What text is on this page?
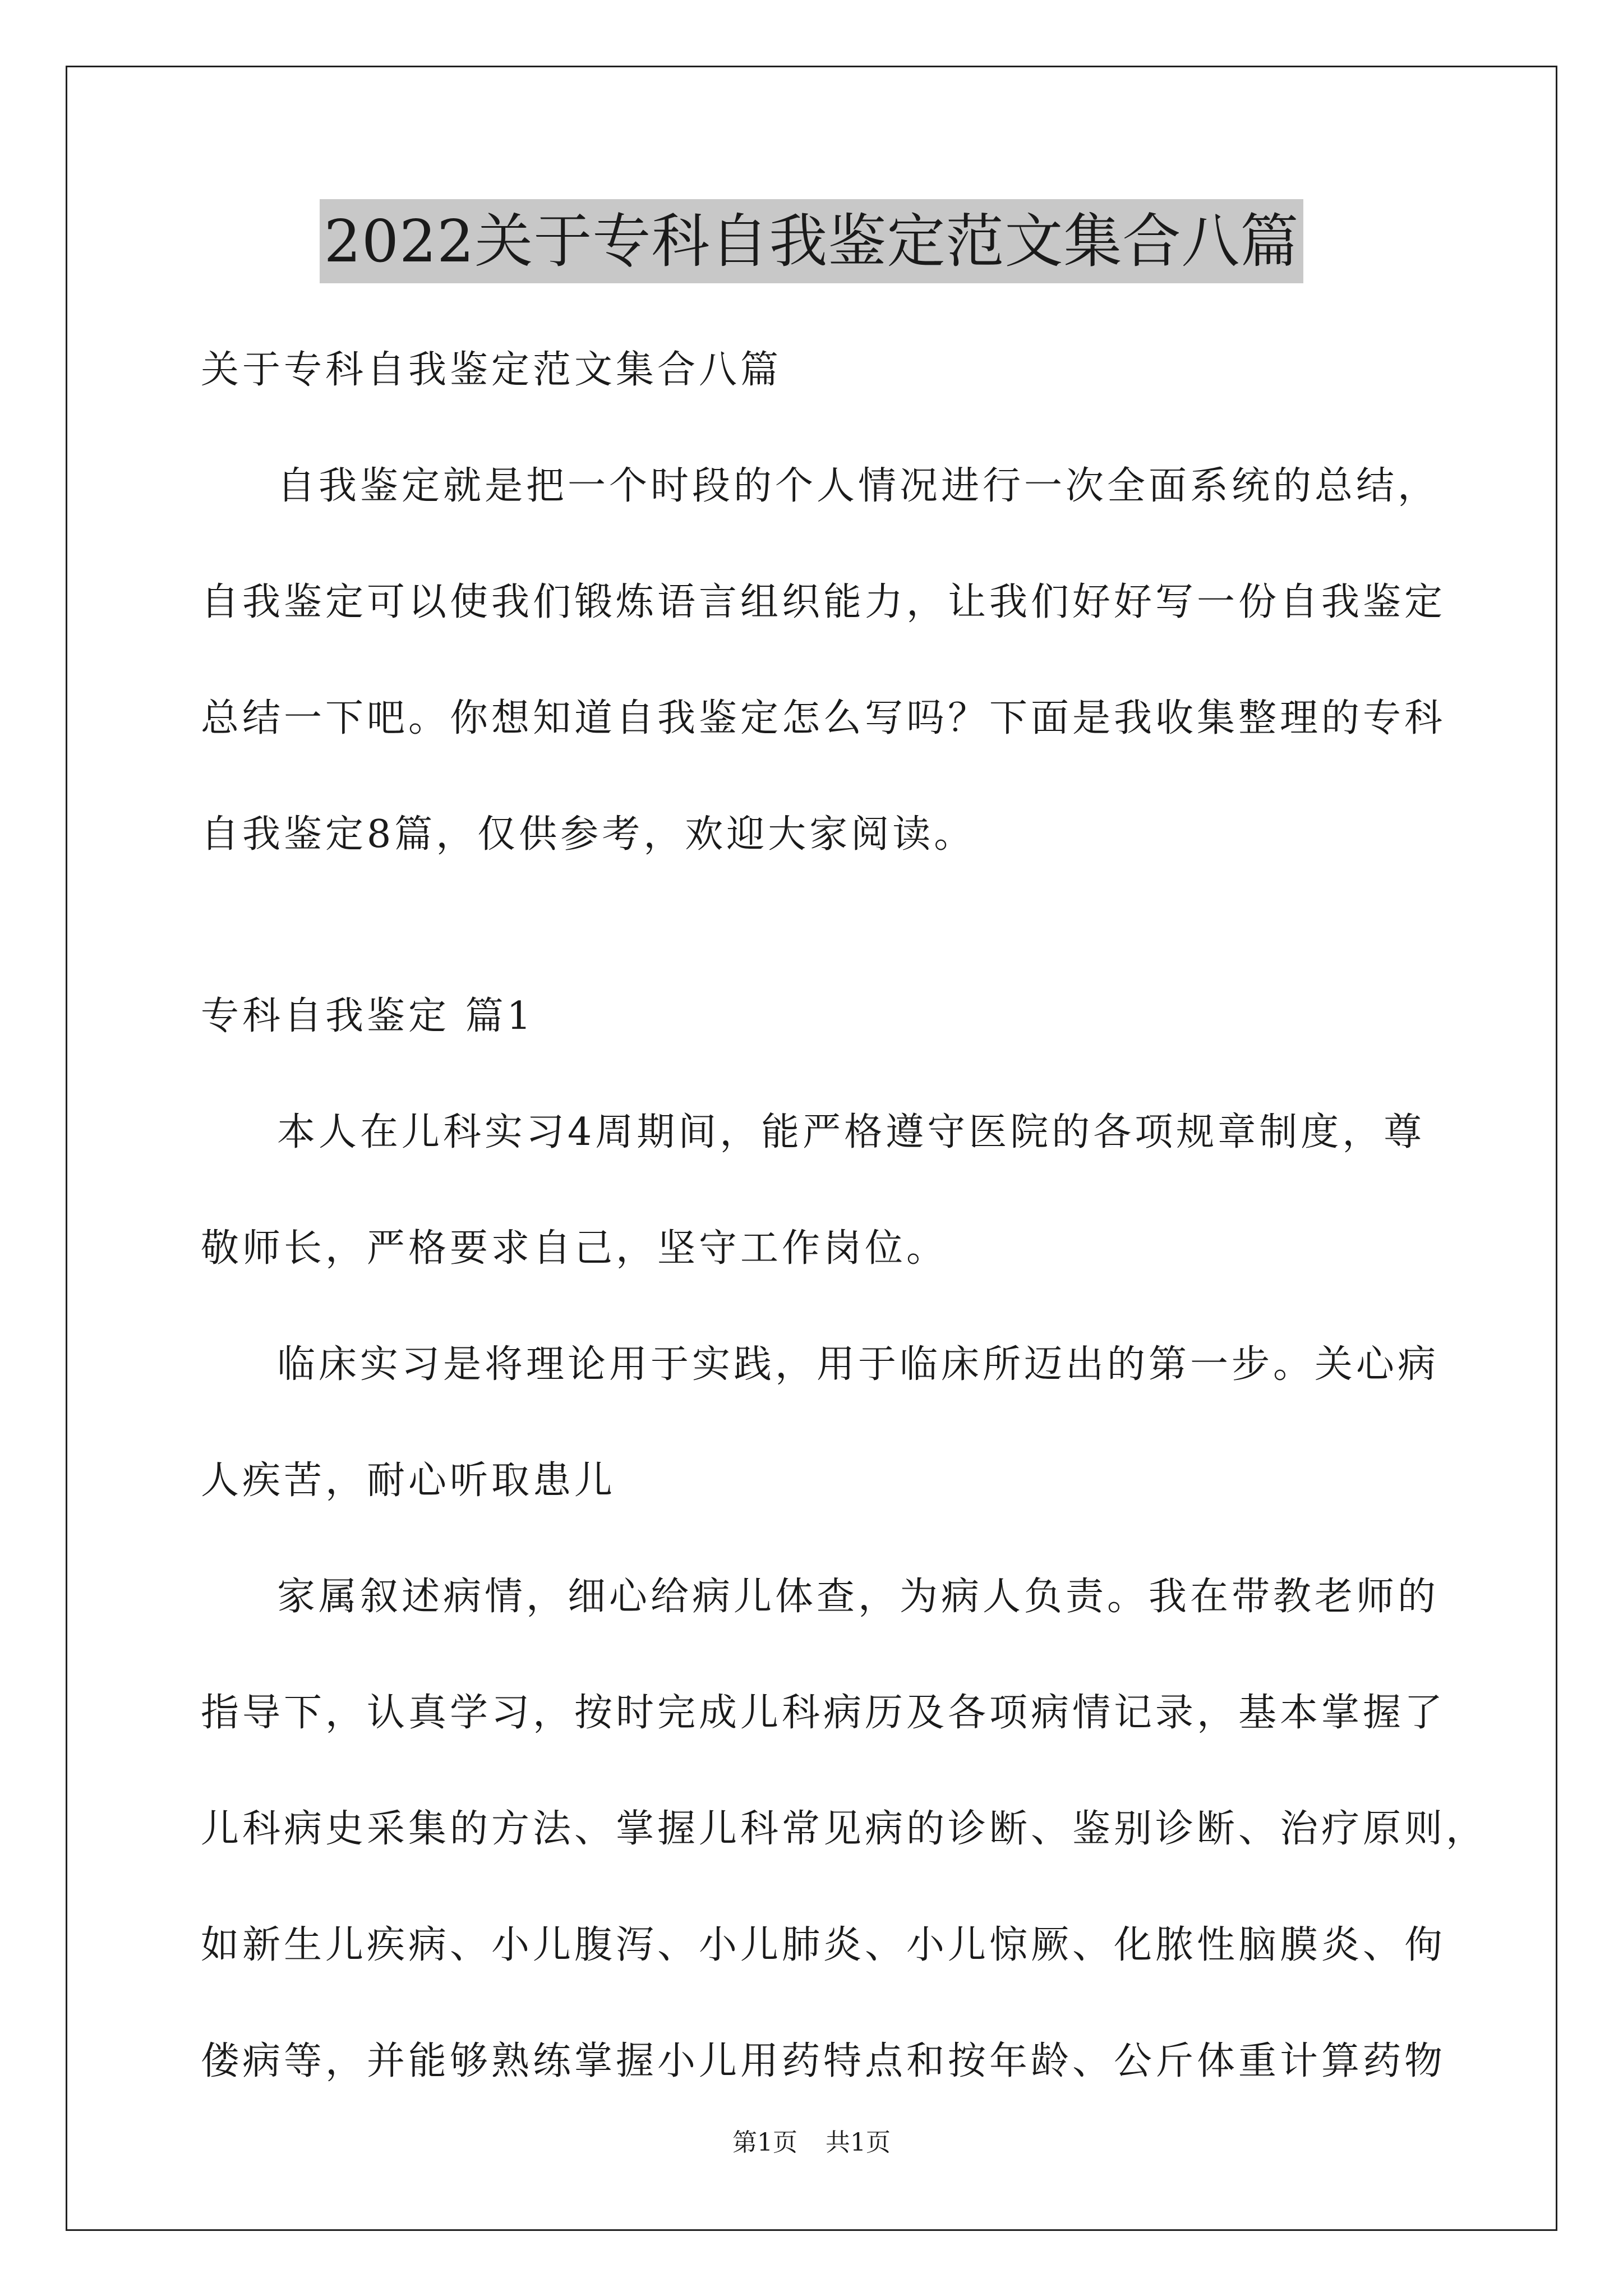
2022关于专科自我鉴定范文集合八篇

关于专科自我鉴定范文集合八篇

自我鉴定就是把一个时段的个人情况进行一次全面系统的总结，

自我鉴定可以使我们锻炼语言组织能力，让我们好好写一份自我鉴定

总结一下吧。你想知道自我鉴定怎么写吗？下面是我收集整理的专科

自我鉴定8篇，仅供参考，欢迎大家阅读。

专科自我鉴定 篇1

本人在儿科实习4周期间，能严格遵守医院的各项规章制度，尊

敬师长，严格要求自己，坚守工作岗位。

临床实习是将理论用于实践，用于临床所迈出的第一步。关心病

人疾苦，耐心听取患儿

家属叙述病情，细心给病儿体查，为病人负责。我在带教老师的

指导下，认真学习，按时完成儿科病历及各项病情记录，基本掌握了

儿科病史采集的方法、掌握儿科常见病的诊断、鉴别诊断、治疗原则，

如新生儿疾病、小儿腹泻、小儿肺炎、小儿惊厥、化脓性脑膜炎、佝

偻病等，并能够熟练掌握小儿用药特点和按年龄、公斤体重计算药物

第1页 共1页
